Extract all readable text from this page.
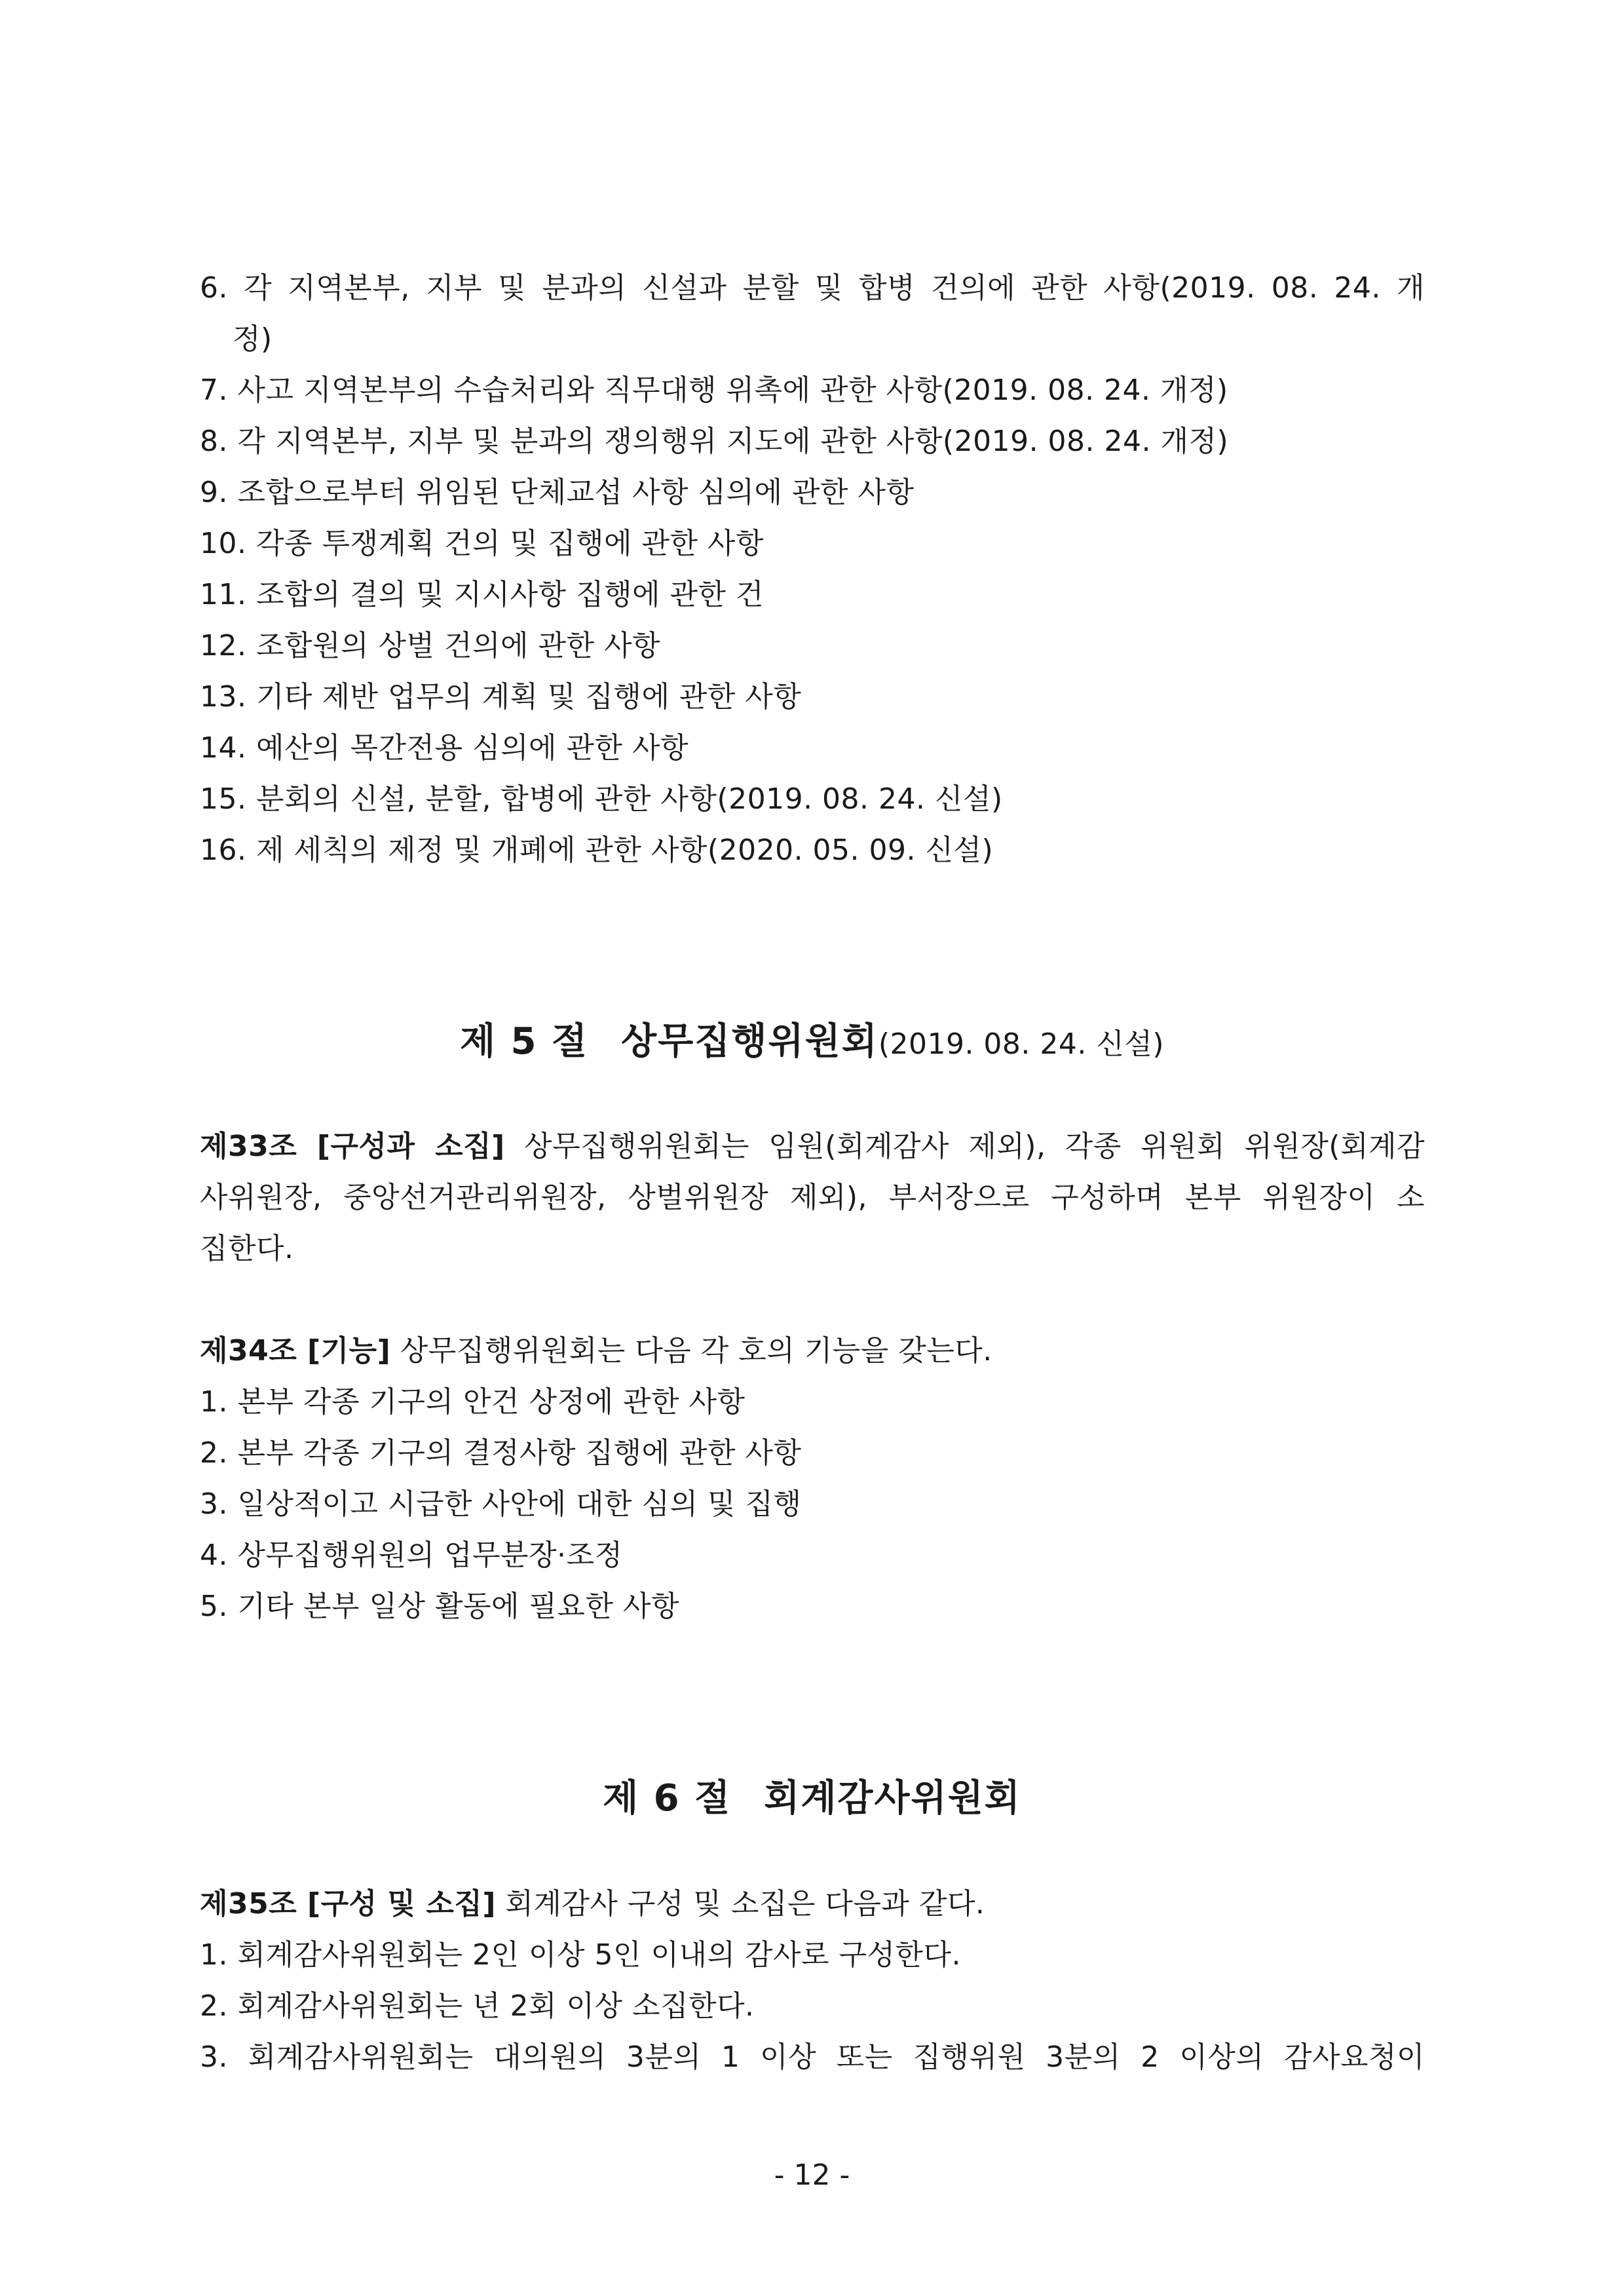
6. 각 지역본부, 지부 및 분과의 신설과 분할 및 합병 건의에 관한 사항(2019. 08. 24. 개
정)
7. 사고 지역본부의 수습처리와 직무대행 위촉에 관한 사항(2019. 08. 24. 개정)
8. 각 지역본부, 지부 및 분과의 쟁의행위 지도에 관한 사항(2019. 08. 24. 개정)
9. 조합으로부터 위임된 단체교섭 사항 심의에 관한 사항
10. 각종 투쟁계획 건의 및 집행에 관한 사항
11. 조합의 결의 및 지시사항 집행에 관한 건
12. 조합원의 상벌 건의에 관한 사항
13. 기타 제반 업무의 계획 및 집행에 관한 사항
14. 예산의 목간전용 심의에 관한 사항
15. 분회의 신설, 분할, 합병에 관한 사항(2019. 08. 24. 신설)
16. 제 세칙의 제정 및 개폐에 관한 사항(2020. 05. 09. 신설)
제 5 절 상무집행위원회(2019. 08. 24. 신설)
제33조 [구성과 소집] 상무집행위원회는 임원(회계감사 제외), 각종 위원회 위원장(회계감
사위원장, 중앙선거관리위원장, 상벌위원장 제외), 부서장으로 구성하며 본부 위원장이 소
집한다.
제34조 [기능] 상무집행위원회는 다음 각 호의 기능을 갖는다.
1. 본부 각종 기구의 안건 상정에 관한 사항
2. 본부 각종 기구의 결정사항 집행에 관한 사항
3. 일상적이고 시급한 사안에 대한 심의 및 집행
4. 상무집행위원의 업무분장·조정
5. 기타 본부 일상 활동에 필요한 사항
제 6 절 회계감사위원회
제35조 [구성 및 소집] 회계감사 구성 및 소집은 다음과 같다.
1. 회계감사위원회는 2인 이상 5인 이내의 감사로 구성한다.
2. 회계감사위원회는 년 2회 이상 소집한다.
3. 회계감사위원회는 대의원의 3분의 1 이상 또는 집행위원 3분의 2 이상의 감사요청이
- 12 -
